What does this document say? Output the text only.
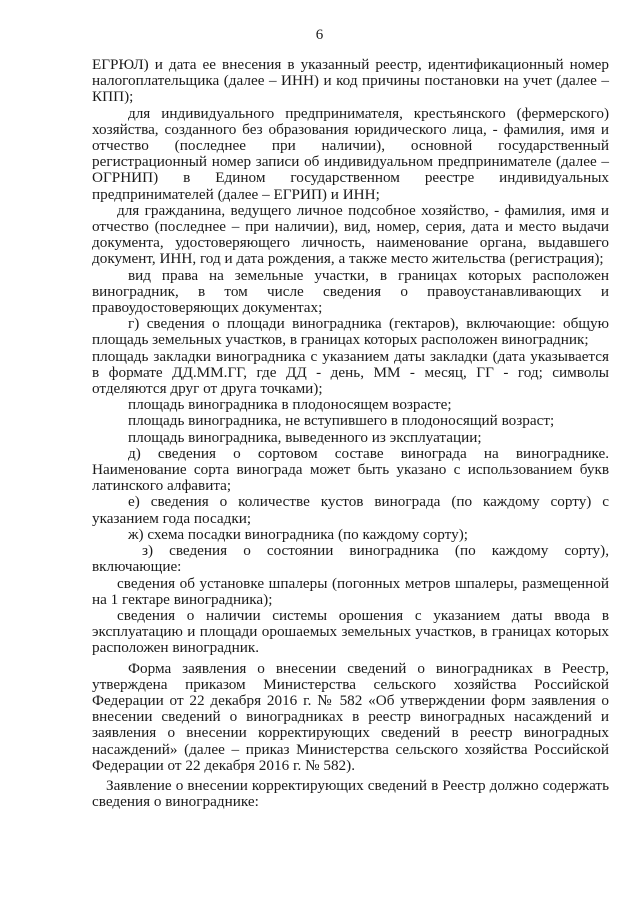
6

ЕГРЮЛ) и дата ее внесения в указанный реестр, идентификационный номер налогоплательщика (далее – ИНН) и код причины постановки на учет (далее – КПП);

для индивидуального предпринимателя, крестьянского (фермерского) хозяйства, созданного без образования юридического лица, - фамилия, имя и отчество (последнее при наличии), основной государственный регистрационный номер записи об индивидуальном предпринимателе (далее – ОГРНИП) в Едином государственном реестре индивидуальных предпринимателей (далее – ЕГРИП) и ИНН;

для гражданина, ведущего личное подсобное хозяйство, - фамилия, имя и отчество (последнее – при наличии), вид, номер, серия, дата и место выдачи документа, удостоверяющего личность, наименование органа, выдавшего документ, ИНН, год и дата рождения, а также место жительства (регистрация);

вид права на земельные участки, в границах которых расположен виноградник, в том числе сведения о правоустанавливающих и правоудостоверяющих документах;

г) сведения о площади виноградника (гектаров), включающие: общую площадь земельных участков, в границах которых расположен виноградник;

площадь закладки виноградника с указанием даты закладки (дата указывается в формате ДД.ММ.ГГ, где ДД - день, ММ - месяц, ГГ - год; символы отделяются друг от друга точками);

площадь виноградника в плодоносящем возрасте;

площадь виноградника, не вступившего в плодоносящий возраст;

площадь виноградника, выведенного из эксплуатации;

д) сведения о сортовом составе винограда на винограднике. Наименование сорта винограда может быть указано с использованием букв латинского алфавита;

е) сведения о количестве кустов винограда (по каждому сорту) с указанием года посадки;

ж) схема посадки виноградника (по каждому сорту);

з) сведения о состоянии виноградника (по каждому сорту), включающие:

сведения об установке шпалеры (погонных метров шпалеры, размещенной на 1 гектаре виноградника);

сведения о наличии системы орошения с указанием даты ввода в эксплуатацию и площади орошаемых земельных участков, в границах которых расположен виноградник.

Форма заявления о внесении сведений о виноградниках в Реестр, утверждена приказом Министерства сельского хозяйства Российской Федерации от 22 декабря 2016 г. № 582 «Об утверждении форм заявления о внесении сведений о виноградниках в реестр виноградных насаждений и заявления о внесении корректирующих сведений в реестр виноградных насаждений» (далее – приказ Министерства сельского хозяйства Российской Федерации от 22 декабря 2016 г. № 582).

Заявление о внесении корректирующих сведений в Реестр должно содержать сведения о винограднике:
